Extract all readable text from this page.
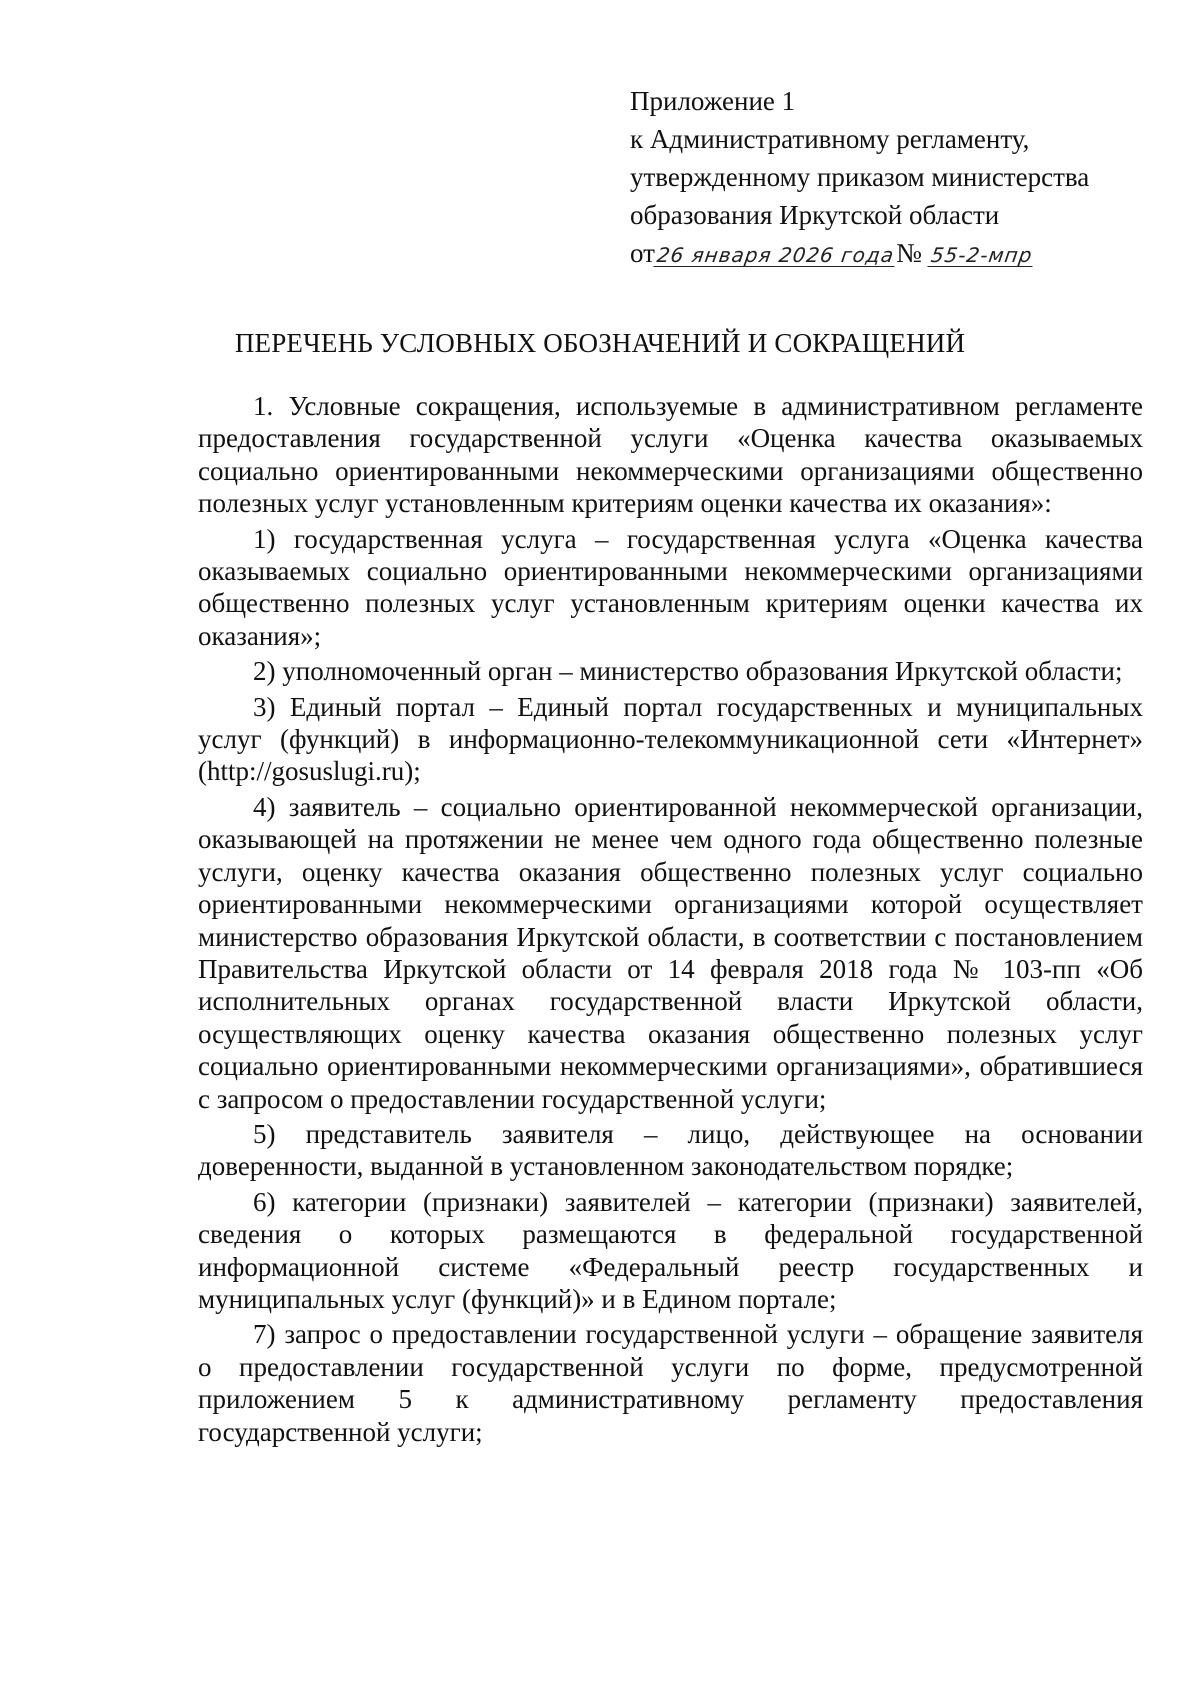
Приложение 1
к Административному регламенту,
утвержденному приказом министерства
образования Иркутской области
от26 января 2026 года№ 55-2-мпр
ПЕРЕЧЕНЬ УСЛОВНЫХ ОБОЗНАЧЕНИЙ И СОКРАЩЕНИЙ

1. Условные сокращения, используемые в административном регламенте предоставления государственной услуги «Оценка качества оказываемых социально ориентированными некоммерческими организациями общественно полезных услуг установленным критериям оценки качества их оказания»:

1) государственная услуга – государственная услуга «Оценка качества оказываемых социально ориентированными некоммерческими организациями общественно полезных услуг установленным критериям оценки качества их оказания»;

2) уполномоченный орган – министерство образования Иркутской области;

3) Единый портал – Единый портал государственных и муниципальных услуг (функций) в информационно-телекоммуникационной сети «Интернет» (http://gosuslugi.ru);

4) заявитель – социально ориентированной некоммерческой организации, оказывающей на протяжении не менее чем одного года общественно полезные услуги, оценку качества оказания общественно полезных услуг социально ориентированными некоммерческими организациями которой осуществляет министерство образования Иркутской области, в соответствии с постановлением Правительства Иркутской области от 14 февраля 2018 года № 103-пп «Об исполнительных органах государственной власти Иркутской области, осуществляющих оценку качества оказания общественно полезных услуг социально ориентированными некоммерческими организациями», обратившиеся с запросом о предоставлении государственной услуги;

5) представитель заявителя – лицо, действующее на основании доверенности, выданной в установленном законодательством порядке;

6) категории (признаки) заявителей – категории (признаки) заявителей, сведения о которых размещаются в федеральной государственной информационной системе «Федеральный реестр государственных и муниципальных услуг (функций)» и в Едином портале;

7) запрос о предоставлении государственной услуги – обращение заявителя о предоставлении государственной услуги по форме, предусмотренной приложением 5 к административному регламенту предоставления государственной услуги;
